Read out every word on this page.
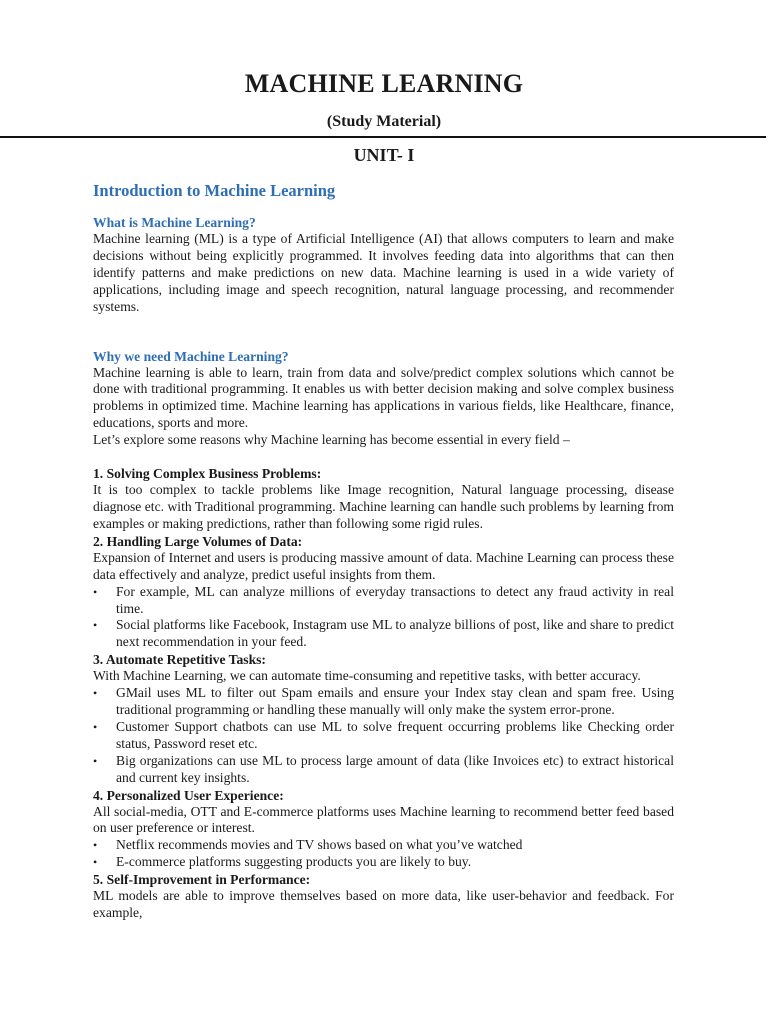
MACHINE LEARNING
(Study Material)
UNIT- I
Introduction to Machine Learning
What is Machine Learning?

Machine learning (ML) is a type of Artificial Intelligence (AI) that allows computers to learn and make decisions without being explicitly programmed. It involves feeding data into algorithms that can then identify patterns and make predictions on new data. Machine learning is used in a wide variety of applications, including image and speech recognition, natural language processing, and recommender systems.

Why we need Machine Learning?

Machine learning is able to learn, train from data and solve/predict complex solutions which cannot be done with traditional programming. It enables us with better decision making and solve complex business problems in optimized time. Machine learning has applications in various fields, like Healthcare, finance, educations, sports and more.

Let’s explore some reasons why Machine learning has become essential in every field –

1. Solving Complex Business Problems:

It is too complex to tackle problems like Image recognition, Natural language processing, disease diagnose etc. with Traditional programming. Machine learning can handle such problems by learning from examples or making predictions, rather than following some rigid rules.

2. Handling Large Volumes of Data:

Expansion of Internet and users is producing massive amount of data. Machine Learning can process these data effectively and analyze, predict useful insights from them.

•	For example, ML can analyze millions of everyday transactions to detect any fraud activity in real time.
•	Social platforms like Facebook, Instagram use ML to analyze billions of post, like and share to predict next recommendation in your feed.
3. Automate Repetitive Tasks:

With Machine Learning, we can automate time-consuming and repetitive tasks, with better accuracy.

•	GMail uses ML to filter out Spam emails and ensure your Index stay clean and spam free. Using traditional programming or handling these manually will only make the system error-prone.
•	Customer Support chatbots can use ML to solve frequent occurring problems like Checking order status, Password reset etc.
•	Big organizations can use ML to process large amount of data (like Invoices etc) to extract historical and current key insights.
4. Personalized User Experience:

All social-media, OTT and E-commerce platforms uses Machine learning to recommend better feed based on user preference or interest.

•	Netflix recommends movies and TV shows based on what you’ve watched
•	E-commerce platforms suggesting products you are likely to buy.
5. Self-Improvement in Performance:

ML models are able to improve themselves based on more data, like user-behavior and feedback. For example,
